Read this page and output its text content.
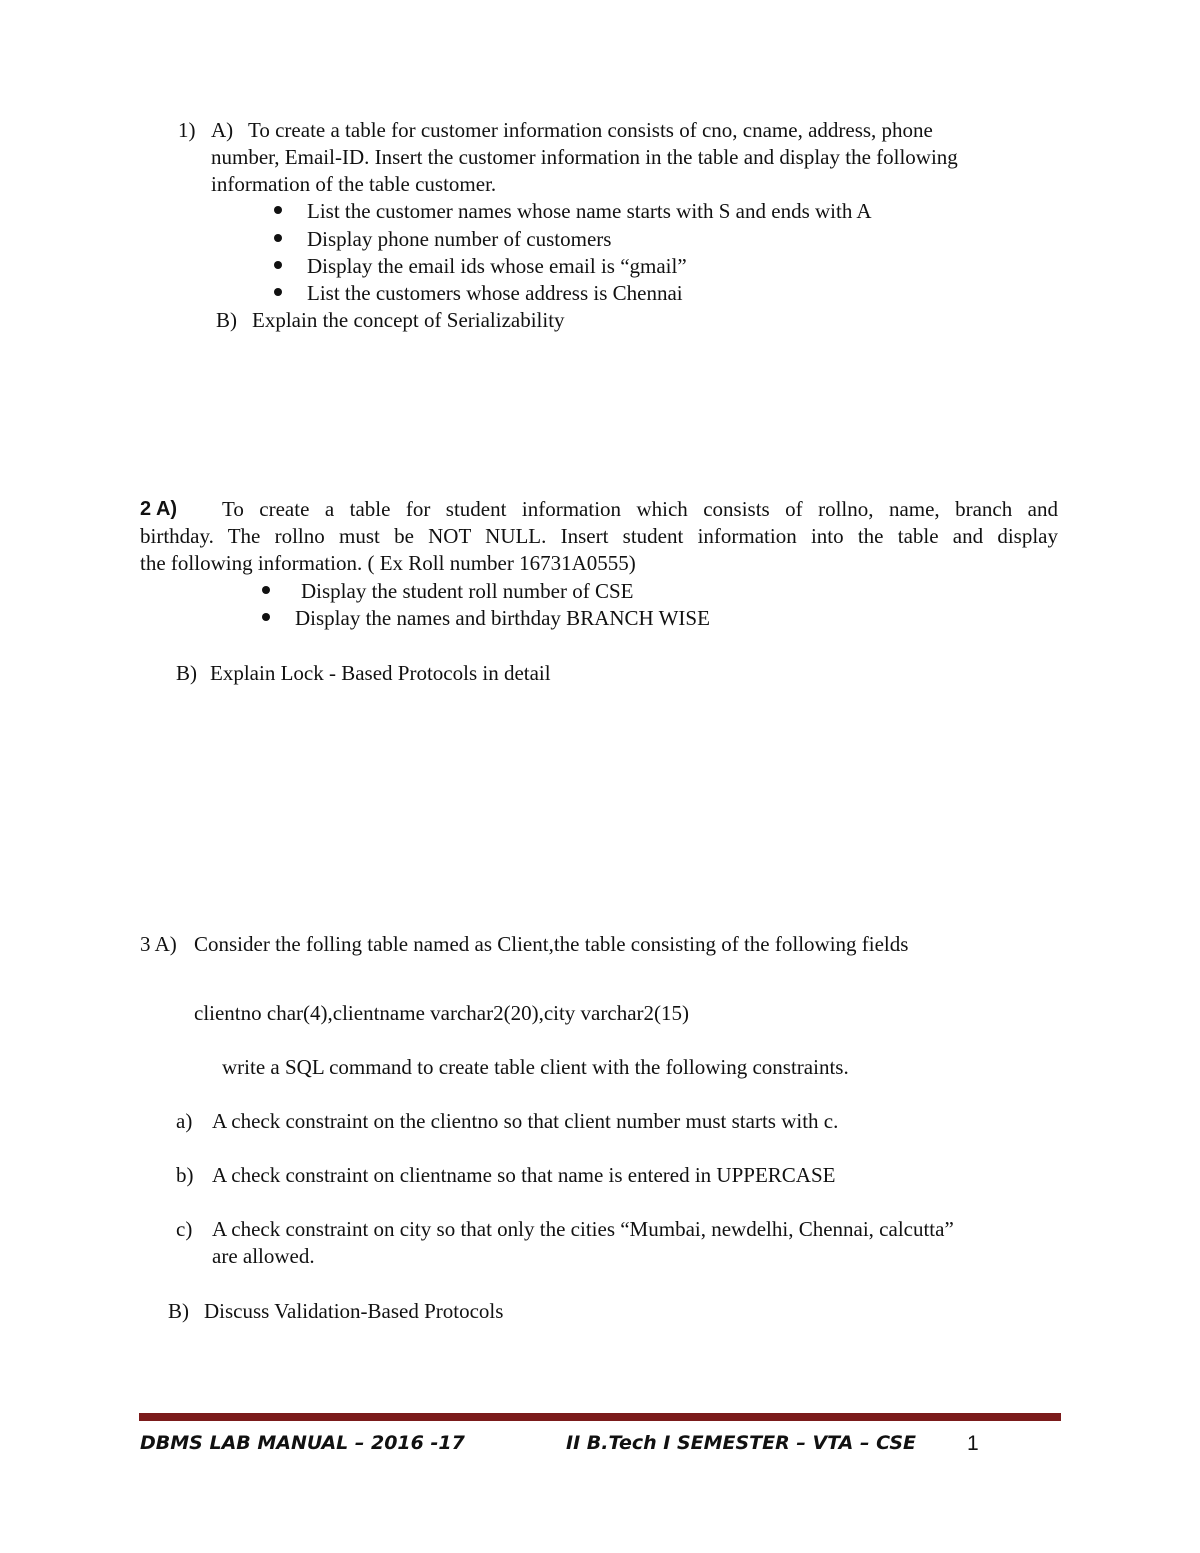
1) A) To create a table for customer information consists of cno, cname, address, phone
number, Email-ID. Insert the customer information in the table and display the following
information of the table customer.
List the customer names whose name starts with S and ends with A
Display phone number of customers
Display the email ids whose email is “gmail”
List the customers whose address is Chennai
B) Explain the concept of Serializability
2 A) To create a table for student information which consists of rollno, name, branch and
birthday. The rollno must be NOT NULL. Insert student information into the table and display
the following information. ( Ex Roll number 16731A0555)
Display the student roll number of CSE
Display the names and birthday BRANCH WISE
B) Explain Lock - Based Protocols in detail
3 A) Consider the folling table named as Client,the table consisting of the following fields
clientno char(4),clientname varchar2(20),city varchar2(15)
write a SQL command to create table client with the following constraints.
a) A check constraint on the clientno so that client number must starts with c.
b) A check constraint on clientname so that name is entered in UPPERCASE
c) A check constraint on city so that only the cities “Mumbai, newdelhi, Chennai, calcutta”
are allowed.
B) Discuss Validation-Based Protocols
DBMS LAB MANUAL – 2016 -17	II B.Tech I SEMESTER – VTA – CSE 1
